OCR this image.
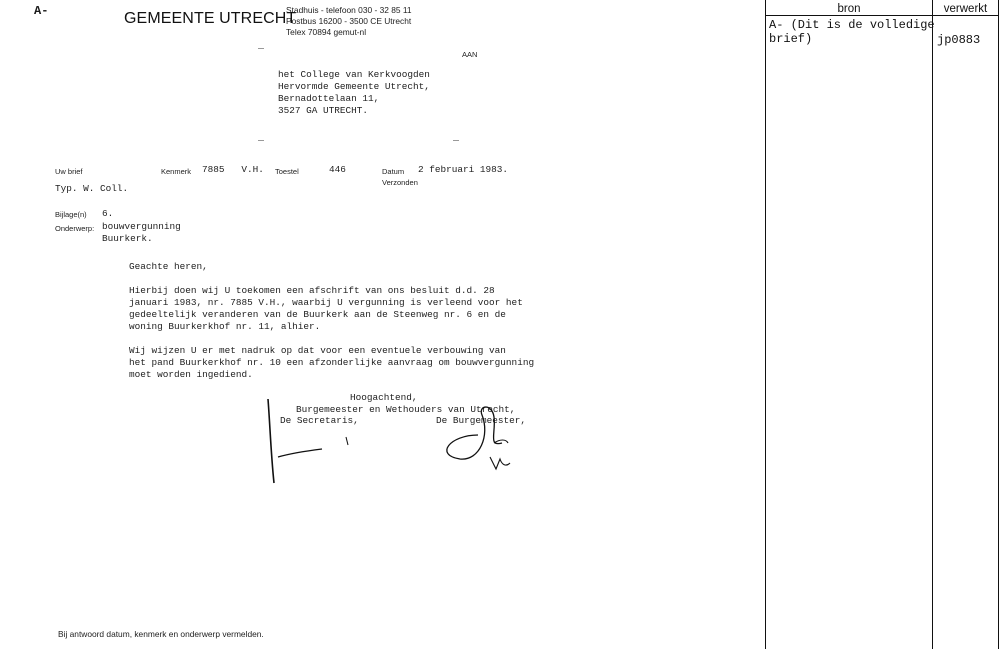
A-	GEMEENTE UTRECHT
Stadhuis - telefoon 030 - 32 85 11
Postbus 16200 - 3500 CE Utrecht
Telex 70894 gemut-nl
AAN
het College van Kerkvoogden
Hervormde Gemeente Utrecht,
Bernadottelaan 11,
3527 GA UTRECHT.
Uw brief	Kenmerk 7885   V.H. Toestel	446	Datum 2 februari 1983.
Verzonden
Typ. W. Coll.
Bijlage(n) 6.
Onderwerp: bouwvergunning
Buurkerk.

Geachte heren,

Hierbij doen wij U toekomen een afschrift van ons besluit d.d. 28
januari 1983, nr. 7885 V.H., waarbij U vergunning is verleend voor het
gedeeltelijk veranderen van de Buurkerk aan de Steenweg nr. 6 en de
woning Buurkerkhof nr. 11, alhier.
Wij wijzen U er met nadruk op dat voor een eventuele verbouwing van
het pand Buurkerkhof nr. 10 een afzonderlijke aanvraag om bouwvergunning
moet worden ingediend.
Hoogachtend,
Burgemeester en Wethouders van Utrecht,
De Secretaris,	De Burgemeester,
Bij antwoord datum, kenmerk en onderwerp vermelden.
bron	verwerkt
A- (Dit is de volledige
brief)	jp0883
